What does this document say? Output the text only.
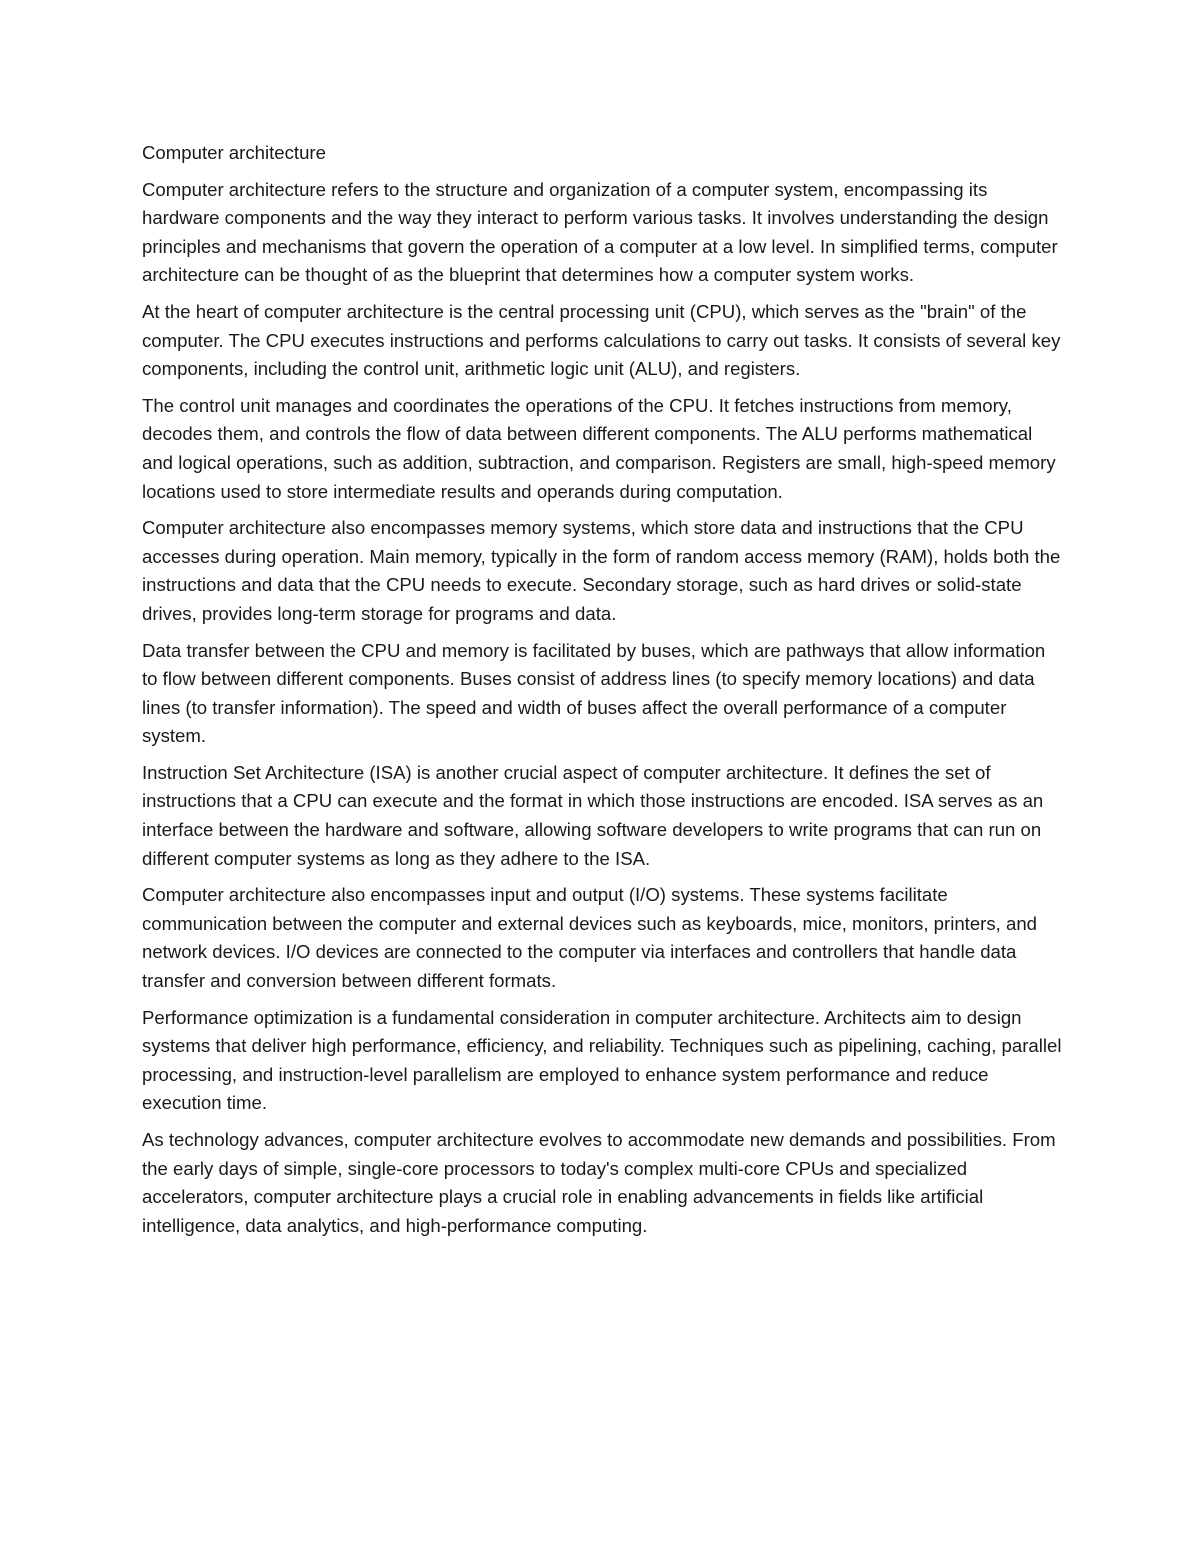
Computer architecture

Computer architecture refers to the structure and organization of a computer system, encompassing its hardware components and the way they interact to perform various tasks. It involves understanding the design principles and mechanisms that govern the operation of a computer at a low level. In simplified terms, computer architecture can be thought of as the blueprint that determines how a computer system works.

At the heart of computer architecture is the central processing unit (CPU), which serves as the "brain" of the computer. The CPU executes instructions and performs calculations to carry out tasks. It consists of several key components, including the control unit, arithmetic logic unit (ALU), and registers.

The control unit manages and coordinates the operations of the CPU. It fetches instructions from memory, decodes them, and controls the flow of data between different components. The ALU performs mathematical and logical operations, such as addition, subtraction, and comparison. Registers are small, high-speed memory locations used to store intermediate results and operands during computation.

Computer architecture also encompasses memory systems, which store data and instructions that the CPU accesses during operation. Main memory, typically in the form of random access memory (RAM), holds both the instructions and data that the CPU needs to execute. Secondary storage, such as hard drives or solid-state drives, provides long-term storage for programs and data.

Data transfer between the CPU and memory is facilitated by buses, which are pathways that allow information to flow between different components. Buses consist of address lines (to specify memory locations) and data lines (to transfer information). The speed and width of buses affect the overall performance of a computer system.

Instruction Set Architecture (ISA) is another crucial aspect of computer architecture. It defines the set of instructions that a CPU can execute and the format in which those instructions are encoded. ISA serves as an interface between the hardware and software, allowing software developers to write programs that can run on different computer systems as long as they adhere to the ISA.

Computer architecture also encompasses input and output (I/O) systems. These systems facilitate communication between the computer and external devices such as keyboards, mice, monitors, printers, and network devices. I/O devices are connected to the computer via interfaces and controllers that handle data transfer and conversion between different formats.

Performance optimization is a fundamental consideration in computer architecture. Architects aim to design systems that deliver high performance, efficiency, and reliability. Techniques such as pipelining, caching, parallel processing, and instruction-level parallelism are employed to enhance system performance and reduce execution time.

As technology advances, computer architecture evolves to accommodate new demands and possibilities. From the early days of simple, single-core processors to today's complex multi-core CPUs and specialized accelerators, computer architecture plays a crucial role in enabling advancements in fields like artificial intelligence, data analytics, and high-performance computing.
